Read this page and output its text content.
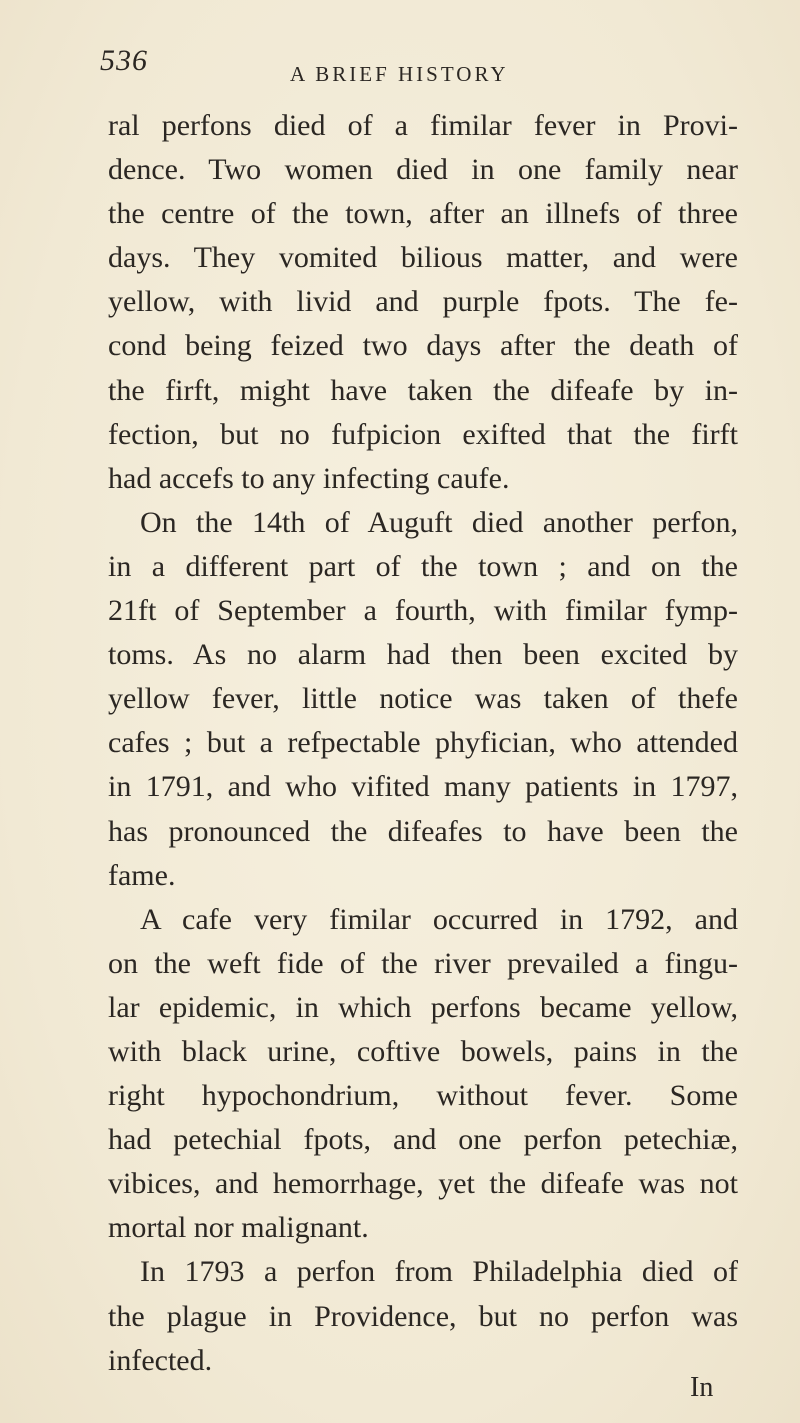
536	A BRIEF HISTORY

ral perfons died of a fimilar fever in Provi-
dence. Two women died in one family near
the centre of the town, after an illnefs of three
days. They vomited bilious matter, and were
yellow, with livid and purple fpots. The fe-
cond being feized two days after the death of
the firft, might have taken the difeafe by in-
fection, but no fufpicion exifted that the firft
had accefs to any infecting caufe.

On the 14th of Auguft died another perfon,
in a different part of the town ; and on the
21ft of September a fourth, with fimilar fymp-
toms. As no alarm had then been excited by
yellow fever, little notice was taken of thefe
cafes ; but a refpectable phyfician, who attended
in 1791, and who vifited many patients in 1797,
has pronounced the difeafes to have been the
fame.

A cafe very fimilar occurred in 1792, and
on the weft fide of the river prevailed a fingu-
lar epidemic, in which perfons became yellow,
with black urine, coftive bowels, pains in the
right hypochondrium, without fever. Some
had petechial fpots, and one perfon petechiæ,
vibices, and hemorrhage, yet the difeafe was not
mortal nor malignant.

In 1793 a perfon from Philadelphia died of
the plague in Providence, but no perfon was
infected.

In
